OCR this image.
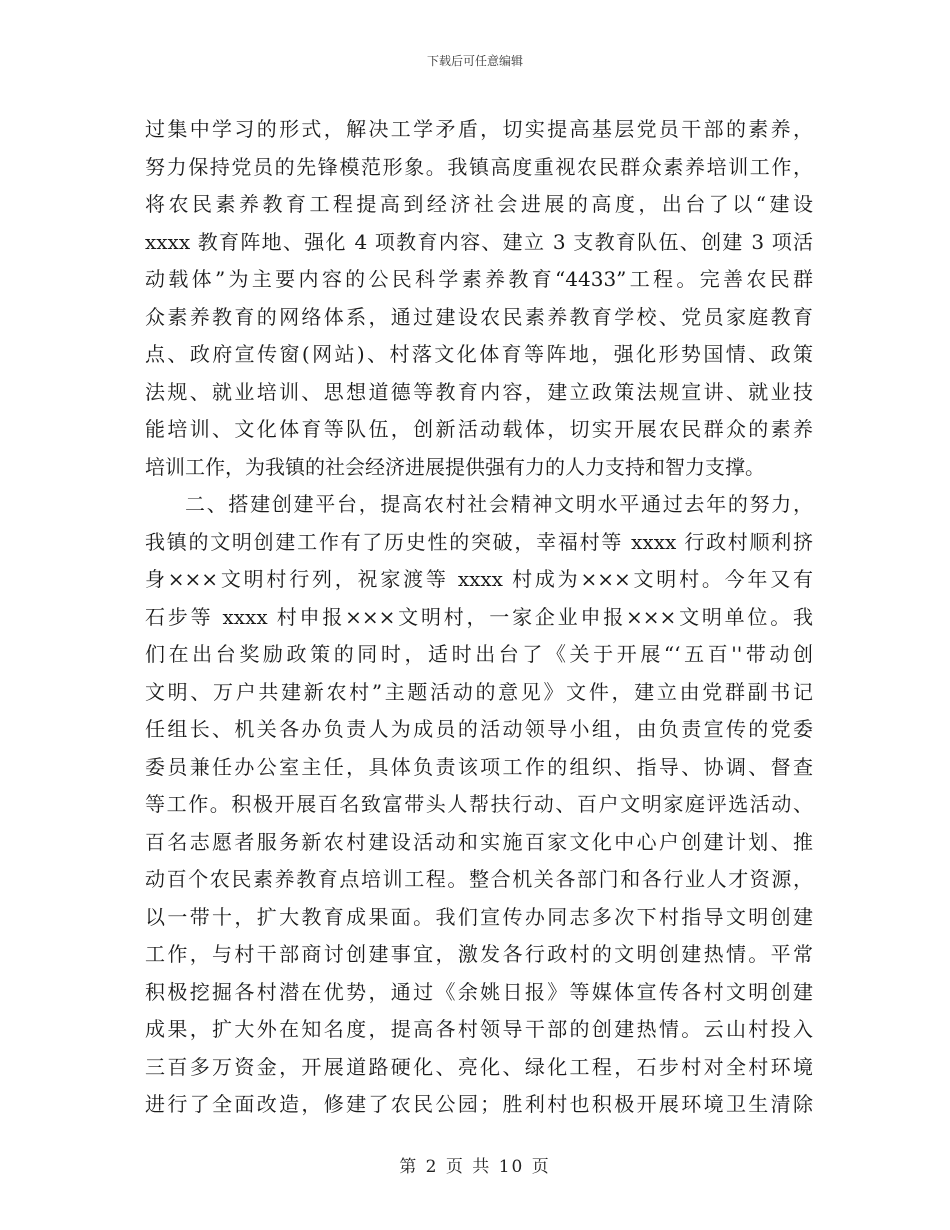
下载后可任意编辑
过集中学习的形式，解决工学矛盾，切实提高基层党员干部的素养，
努力保持党员的先锋模范形象。我镇高度重视农民群众素养培训工作，
将农民素养教育工程提高到经济社会进展的高度，出台了以“建设
xxxx 教育阵地、强化 4 项教育内容、建立 3 支教育队伍、创建 3 项活
动载体”为主要内容的公民科学素养教育“4433”工程。完善农民群
众素养教育的网络体系，通过建设农民素养教育学校、党员家庭教育
点、政府宣传窗(网站)、村落文化体育等阵地，强化形势国情、政策
法规、就业培训、思想道德等教育内容，建立政策法规宣讲、就业技
能培训、文化体育等队伍，创新活动载体，切实开展农民群众的素养
培训工作，为我镇的社会经济进展提供强有力的人力支持和智力支撑。
二、搭建创建平台，提高农村社会精神文明水平通过去年的努力，
我镇的文明创建工作有了历史性的突破，幸福村等 xxxx 行政村顺利挤
身×××文明村行列，祝家渡等 xxxx 村成为×××文明村。今年又有
石步等 xxxx 村申报×××文明村，一家企业申报×××文明单位。我
们在出台奖励政策的同时，适时出台了《关于开展“‘五百''带动创
文明、万户共建新农村”主题活动的意见》文件，建立由党群副书记
任组长、机关各办负责人为成员的活动领导小组，由负责宣传的党委
委员兼任办公室主任，具体负责该项工作的组织、指导、协调、督查
等工作。积极开展百名致富带头人帮扶行动、百户文明家庭评选活动、
百名志愿者服务新农村建设活动和实施百家文化中心户创建计划、推
动百个农民素养教育点培训工程。整合机关各部门和各行业人才资源，
以一带十，扩大教育成果面。我们宣传办同志多次下村指导文明创建
工作，与村干部商讨创建事宜，激发各行政村的文明创建热情。平常
积极挖掘各村潜在优势，通过《余姚日报》等媒体宣传各村文明创建
成果，扩大外在知名度，提高各村领导干部的创建热情。云山村投入
三百多万资金，开展道路硬化、亮化、绿化工程，石步村对全村环境
进行了全面改造，修建了农民公园；胜利村也积极开展环境卫生清除
第 2 页 共 10 页
